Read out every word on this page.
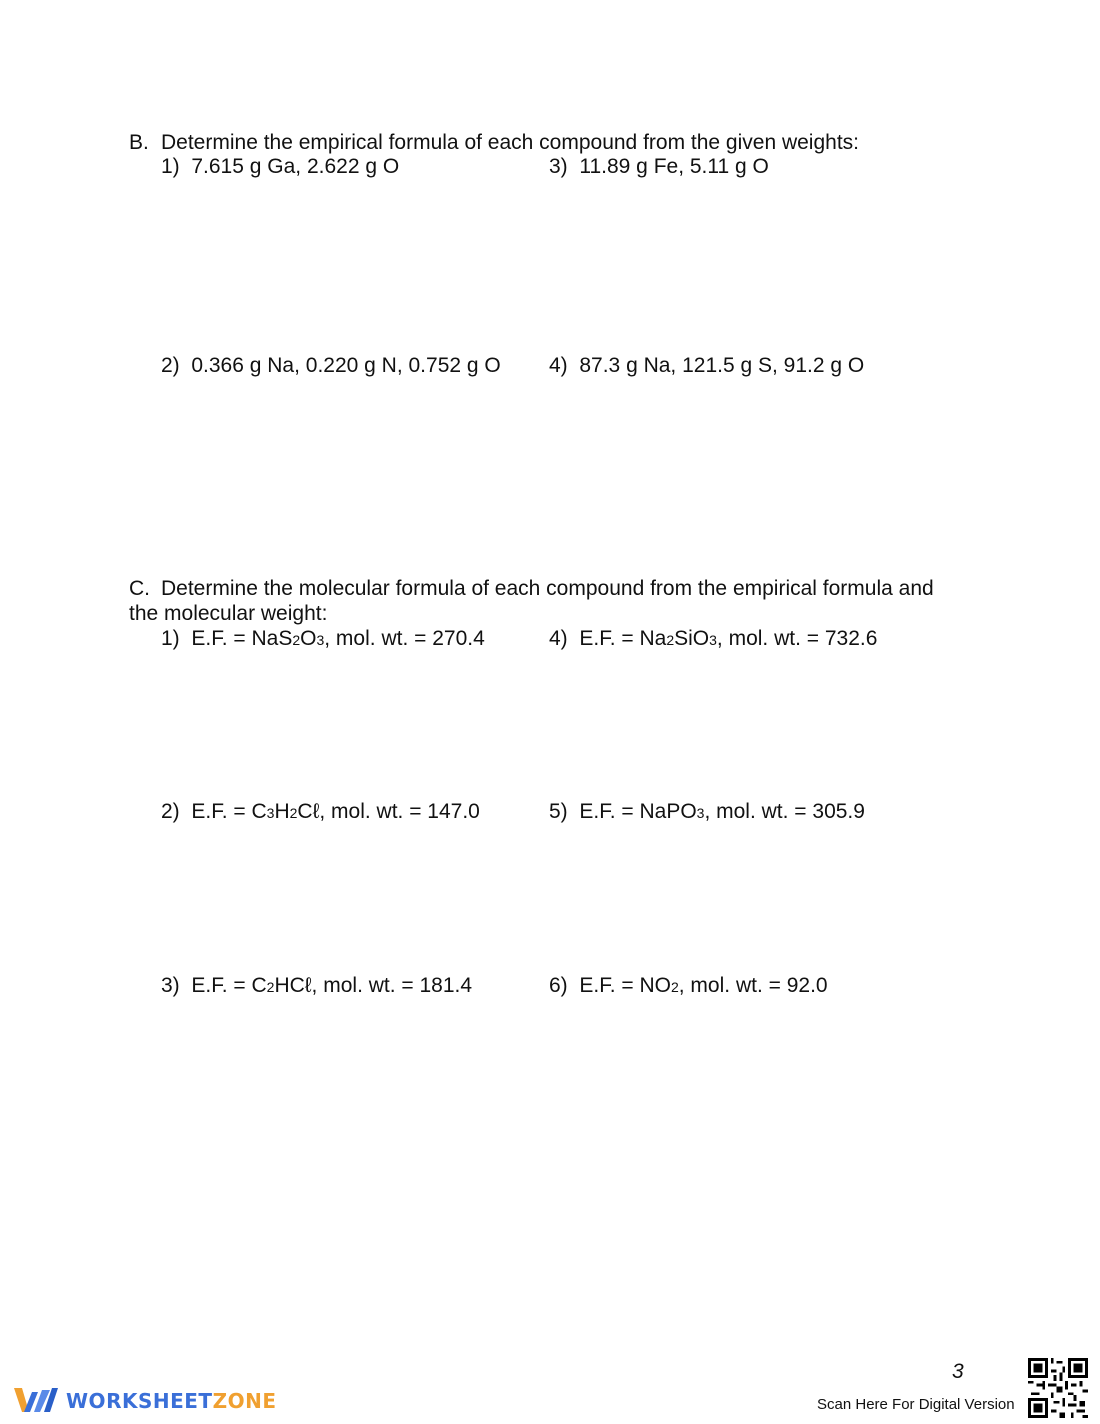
B. Determine the empirical formula of each compound from the given weights:
1) 7.615 g Ga, 2.622 g O	3) 11.89 g Fe, 5.11 g O
2) 0.366 g Na, 0.220 g N, 0.752 g O 4) 87.3 g Na, 121.5 g S, 91.2 g O
C. Determine the molecular formula of each compound from the empirical formula and
the molecular weight:
1) E.F. = NaS2O3, mol. wt. = 270.4	4) E.F. = Na2SiO3, mol. wt. = 732.6
2) E.F. = C3H2Cℓ, mol. wt. = 147.0	5) E.F. = NaPO3, mol. wt. = 305.9
3) E.F. = C2HCℓ, mol. wt. = 181.4	6) E.F. = NO2, mol. wt. = 92.0
WORKSHEETZONE
3
Scan Here For Digital Version
